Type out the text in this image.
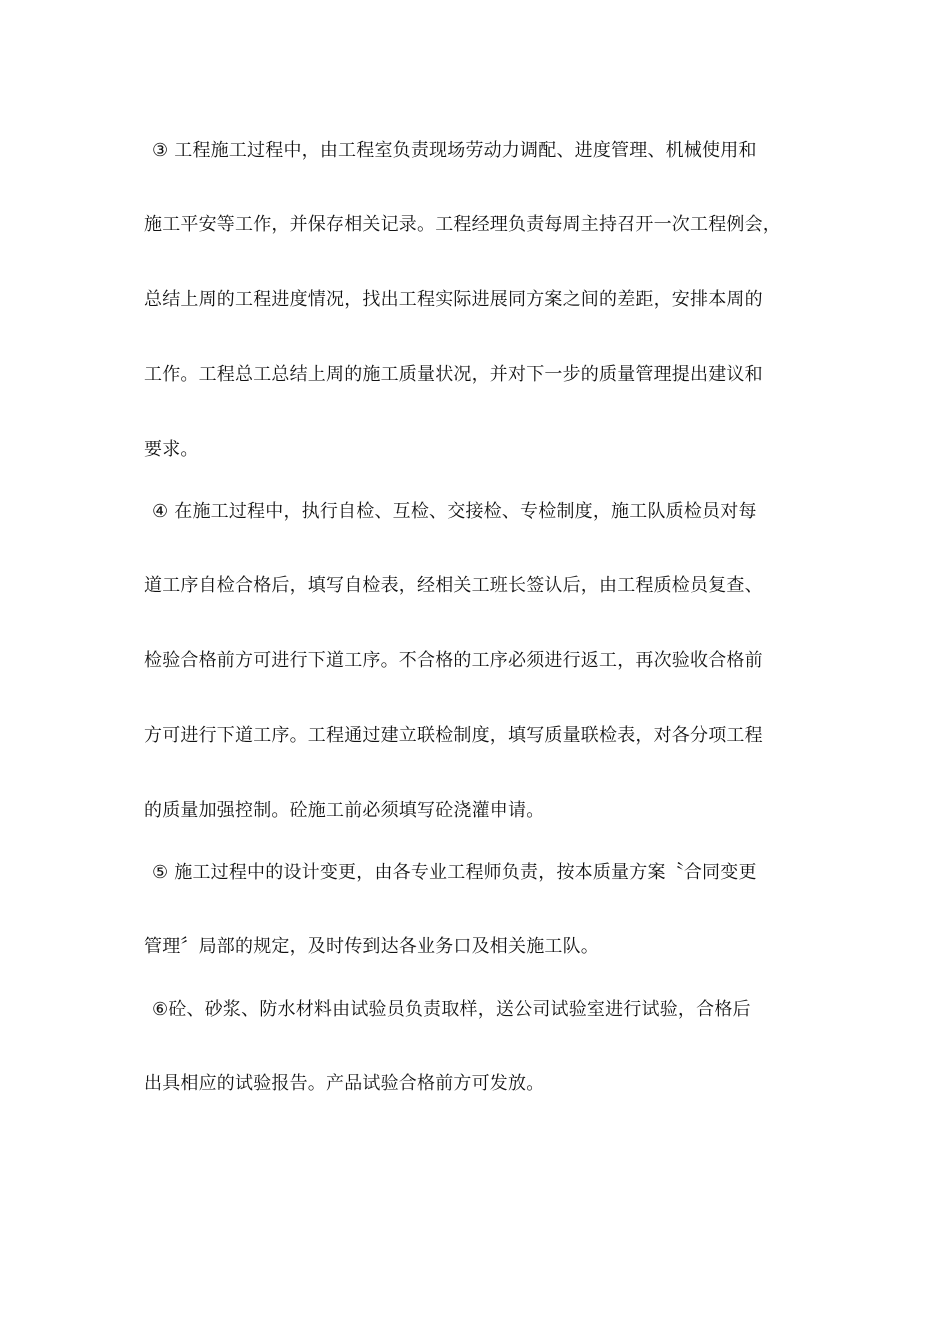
③ 工程施工过程中，由工程室负责现场劳动力调配、进度管理、机械使用和
施工平安等工作，并保存相关记录。工程经理负责每周主持召开一次工程例会，
总结上周的工程进度情况，找出工程实际进展同方案之间的差距，安排本周的
工作。工程总工总结上周的施工质量状况，并对下一步的质量管理提出建议和
要求。
④ 在施工过程中，执行自检、互检、交接检、专检制度，施工队质检员对每
道工序自检合格后，填写自检表，经相关工班长签认后，由工程质检员复查、
检验合格前方可进行下道工序。不合格的工序必须进行返工，再次验收合格前
方可进行下道工序。工程通过建立联检制度，填写质量联检表，对各分项工程
的质量加强控制。砼施工前必须填写砼浇灌申请。
⑤ 施工过程中的设计变更，由各专业工程师负责，按本质量方案〝合同变更
管理〞局部的规定，及时传到达各业务口及相关施工队。
⑥砼、砂浆、防水材料由试验员负责取样，送公司试验室进行试验，合格后
出具相应的试验报告。产品试验合格前方可发放。
